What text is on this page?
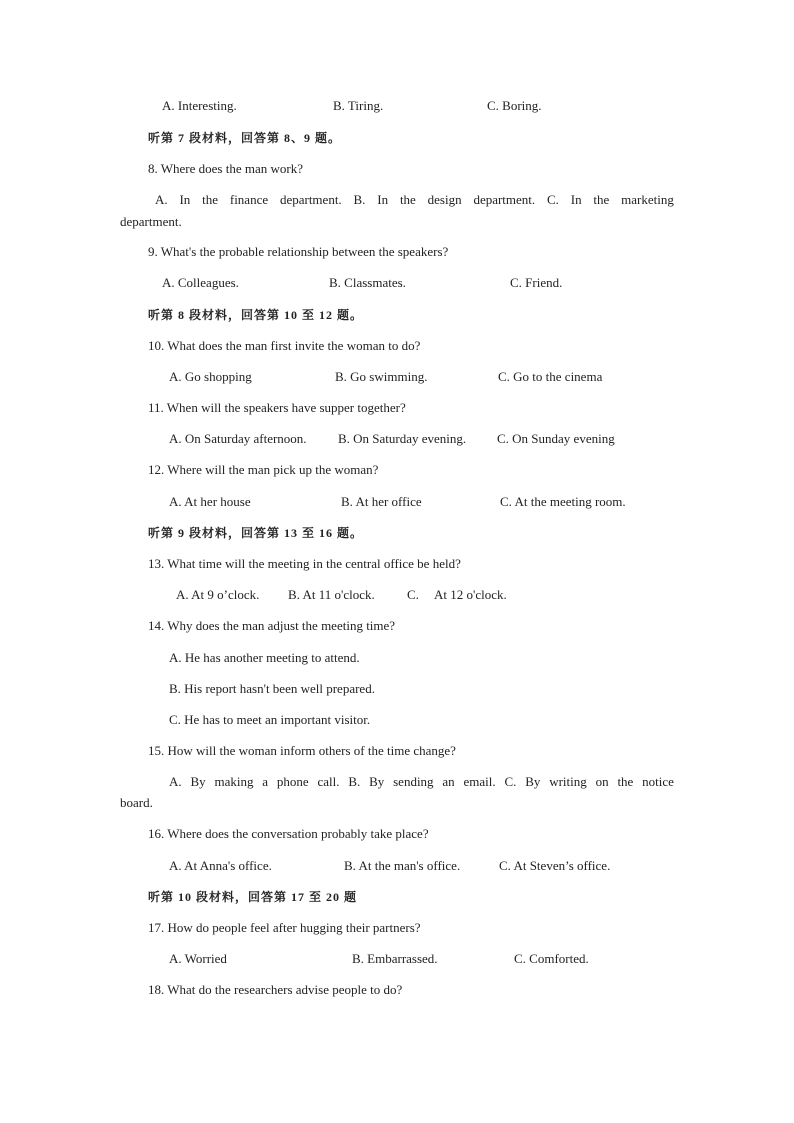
A. Interesting.	B. Tiring.	C. Boring.
听第 7 段材料，回答第 8、9 题。
8. Where does the man work?
A. In the finance department. B. In the design department. C. In the marketing
department.
9. What's the probable relationship between the speakers?
A. Colleagues.	B. Classmates.	C. Friend.
听第 8 段材料，回答第 10 至 12 题。
10. What does the man first invite the woman to do?
A. Go shopping	B. Go swimming.	C. Go to the cinema
11. When will the speakers have supper together?
A. On Saturday afternoon. B. On Saturday evening. C. On Sunday evening
12. Where will the man pick up the woman?
A. At her house	B. At her office	C. At the meeting room.
听第 9 段材料，回答第 13 至 16 题。
13. What time will the meeting in the central office be held?
A. At 9 o’clock. B. At 11 o'clock. C. At 12 o'clock.
14. Why does the man adjust the meeting time?
A. He has another meeting to attend.
B. His report hasn't been well prepared.
C. He has to meet an important visitor.
15. How will the woman inform others of the time change?
A. By making a phone call. B. By sending an email. C. By writing on the notice
board.
16. Where does the conversation probably take place?
A. At Anna's office.	B. At the man's office.	C. At Steven’s office.
听第 10 段材料，回答第 17 至 20 题
17. How do people feel after hugging their partners?
A. Worried	B. Embarrassed.	C. Comforted.
18. What do the researchers advise people to do?
